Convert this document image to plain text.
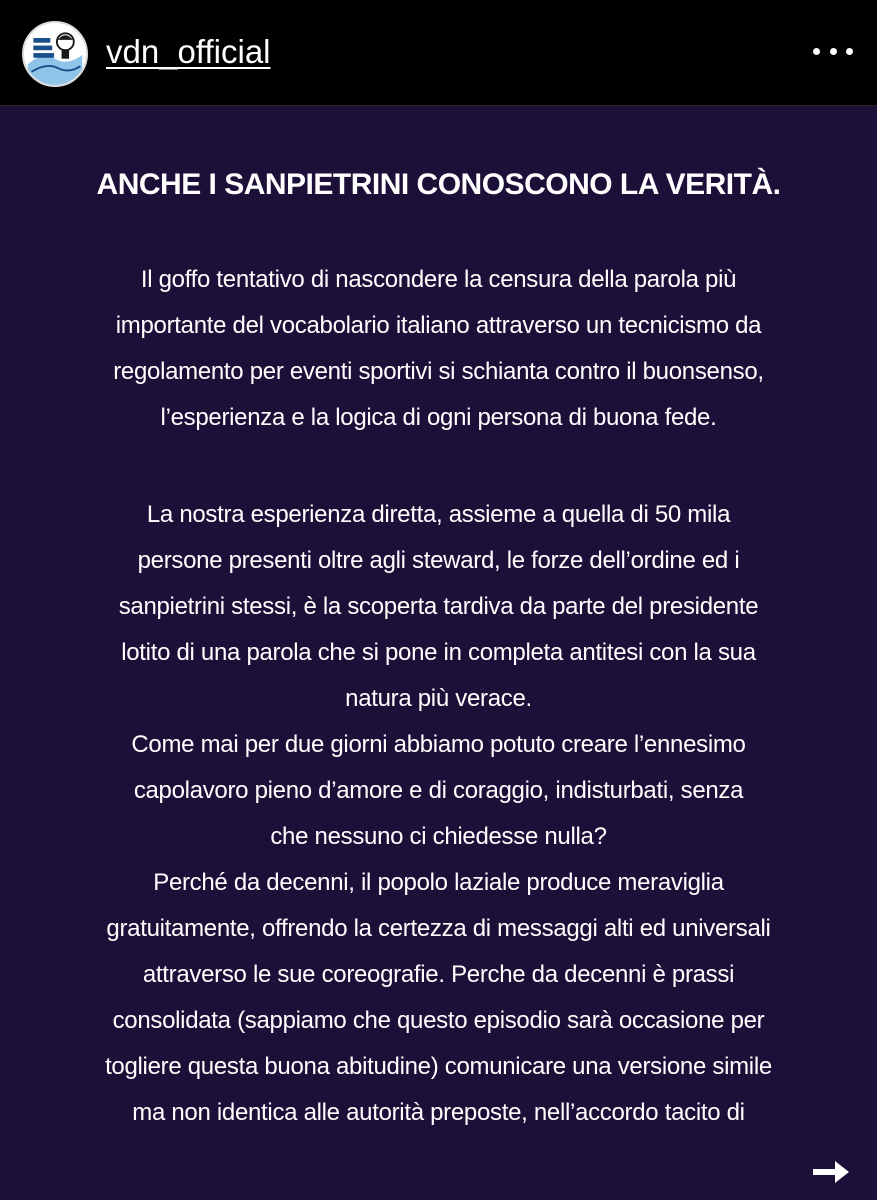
vdn_official
ANCHE I SANPIETRINI CONOSCONO LA VERITÀ.
Il goffo tentativo di nascondere la censura della parola più
importante del vocabolario italiano attraverso un tecnicismo da
regolamento per eventi sportivi si schianta contro il buonsenso,
l’esperienza e la logica di ogni persona di buona fede.
La nostra esperienza diretta, assieme a quella di 50 mila
persone presenti oltre agli steward, le forze dell’ordine ed i
sanpietrini stessi, è la scoperta tardiva da parte del presidente
lotito di una parola che si pone in completa antitesi con la sua
natura più verace.
Come mai per due giorni abbiamo potuto creare l’ennesimo
capolavoro pieno d’amore e di coraggio, indisturbati, senza
che nessuno ci chiedesse nulla?
Perché da decenni, il popolo laziale produce meraviglia
gratuitamente, offrendo la certezza di messaggi alti ed universali
attraverso le sue coreografie. Perche da decenni è prassi
consolidata (sappiamo che questo episodio sarà occasione per
togliere questa buona abitudine) comunicare una versione simile
ma non identica alle autorità preposte, nell’accordo tacito di
